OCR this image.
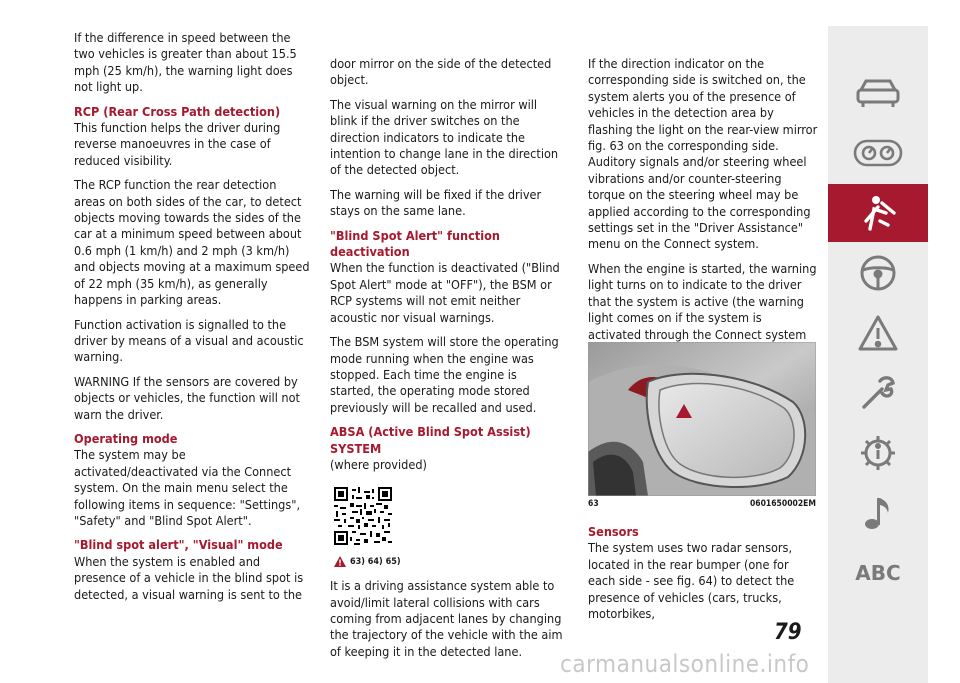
If the difference in speed between the two vehicles is greater than about 15.5 mph (25 km/h), the warning light does not light up.

RCP (Rear Cross Path detection)

This function helps the driver during reverse manoeuvres in the case of reduced visibility.

The RCP function the rear detection areas on both sides of the car, to detect objects moving towards the sides of the car at a minimum speed between about 0.6 mph (1 km/h) and 2 mph (3 km/h) and objects moving at a maximum speed of 22 mph (35 km/h), as generally happens in parking areas.

Function activation is signalled to the driver by means of a visual and acoustic warning.

WARNING If the sensors are covered by objects or vehicles, the function will not warn the driver.

Operating mode

The system may be activated/deactivated via the Connect system. On the main menu select the following items in sequence: "Settings", "Safety" and "Blind Spot Alert".

"Blind spot alert", "Visual" mode

When the system is enabled and presence of a vehicle in the blind spot is detected, a visual warning is sent to the

door mirror on the side of the detected object.

The visual warning on the mirror will blink if the driver switches on the direction indicators to indicate the intention to change lane in the direction of the detected object.

The warning will be fixed if the driver stays on the same lane.

"Blind Spot Alert" function deactivation

When the function is deactivated ("Blind Spot Alert" mode at "OFF"), the BSM or RCP systems will not emit neither acoustic nor visual warnings.

The BSM system will store the operating mode running when the engine was stopped. Each time the engine is started, the operating mode stored previously will be recalled and used.

ABSA (Active Blind Spot Assist) SYSTEM
(where provided)
63) 64) 65)

It is a driving assistance system able to avoid/limit lateral collisions with cars coming from adjacent lanes by changing the trajectory of the vehicle with the aim of keeping it in the detected lane.

If the direction indicator on the corresponding side is switched on, the system alerts you of the presence of vehicles in the detection area by flashing the light on the rear-view mirror fig. 63 on the corresponding side. Auditory signals and/or steering wheel vibrations and/or counter-steering torque on the steering wheel may be applied according to the corresponding settings set in the "Driver Assistance" menu on the Connect system.

When the engine is started, the warning light turns on to indicate to the driver that the system is active (the warning light comes on if the system is activated through the Connect system

63	0601650002EM
Sensors

The system uses two radar sensors, located in the rear bumper (one for each side - see fig. 64) to detect the presence of vehicles (cars, trucks, motorbikes,

ABC
79
carmanualsonline.info
